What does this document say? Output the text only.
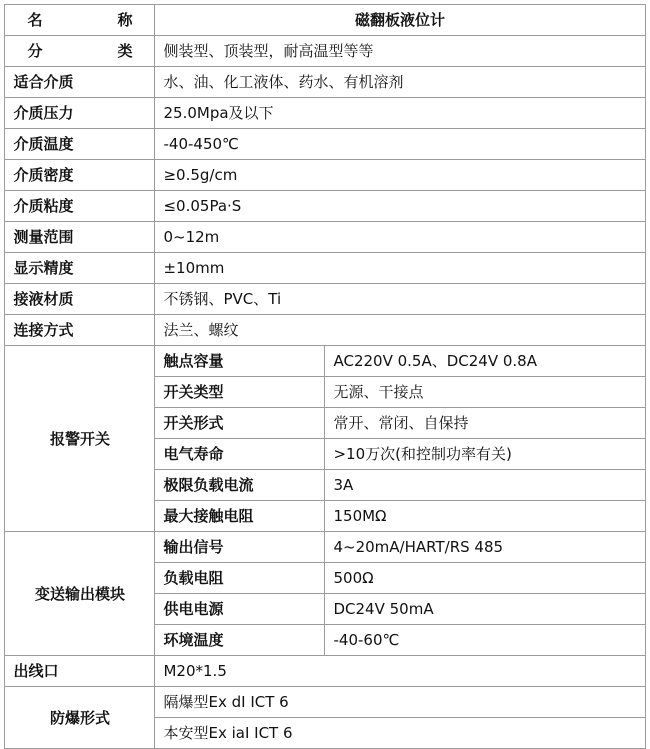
名 称	磁翻板液位计	

分 类	侧装型、顶装型，耐高温型等等	
适合介质	水、油、化工液体、药水、有机溶剂	
介质压力	25.0Mpa及以下	
介质温度	-40-450℃	
介质密度	≥0.5g/cm	
介质粘度	≤0.05Pa·S	
测量范围	0~12m	
显示精度	±10mm	
接液材质	不锈钢、PVC、Ti	
连接方式	法兰、螺纹	
报警开关	触点容量	AC220V 0.5A、DC24V 0.8A
	开关类型	无源、干接点
	开关形式	常开、常闭、自保持
	电气寿命	>10万次(和控制功率有关)
	极限负载电流	3A
	最大接触电阻	150MΩ
变送输出模块	输出信号	4~20mA/HART/RS 485
	负载电阻	500Ω
	供电电源	DC24V 50mA
	环境温度	-40-60℃
出线口	M20*1.5	
防爆形式	隔爆型Ex dI ICT 6	
	本安型Ex iaI ICT 6	
